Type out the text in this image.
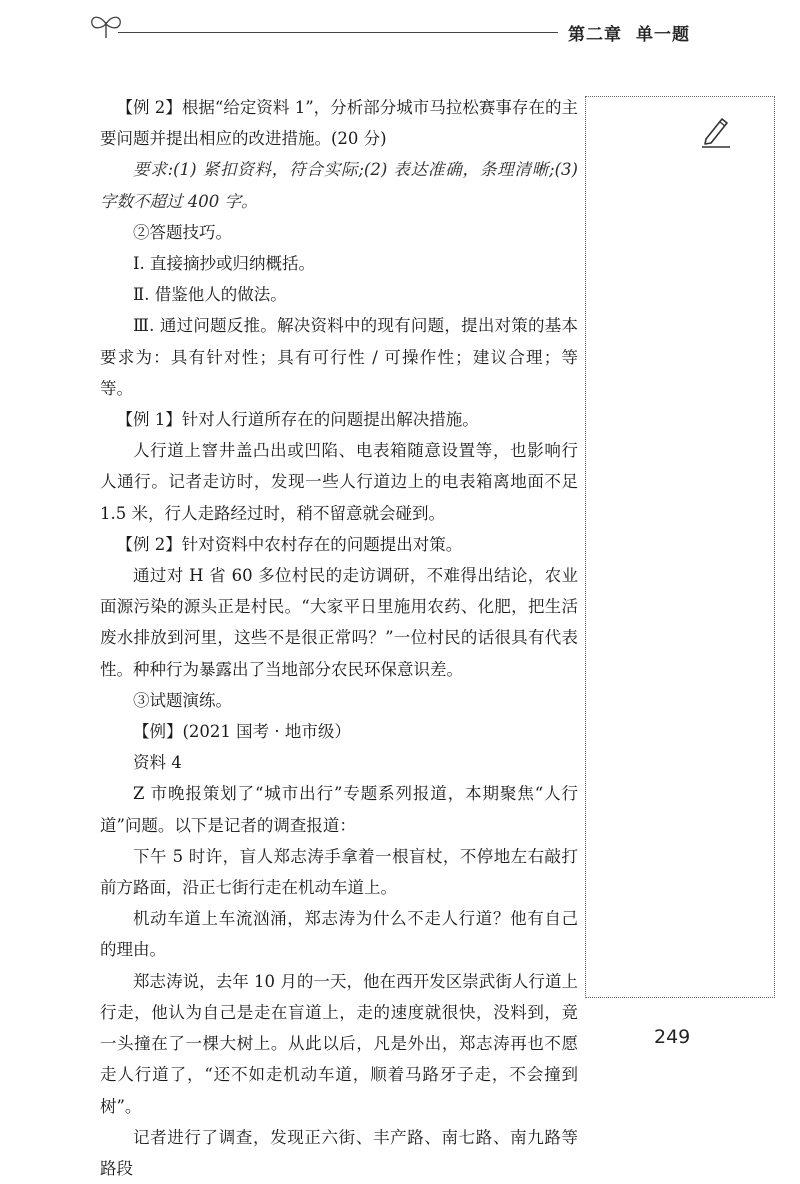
第二章 单一题

【例 2】根据“给定资料 1”，分析部分城市马拉松赛事存在的主要问题并提出相应的改进措施。(20 分)

要求:(1) 紧扣资料，符合实际;(2) 表达准确，条理清晰;(3) 字数不超过 400 字。

②答题技巧。

Ⅰ. 直接摘抄或归纳概括。

Ⅱ. 借鉴他人的做法。

Ⅲ. 通过问题反推。解决资料中的现有问题，提出对策的基本要求为：具有针对性；具有可行性 / 可操作性；建议合理；等等。

【例 1】针对人行道所存在的问题提出解决措施。

人行道上窨井盖凸出或凹陷、电表箱随意设置等，也影响行人通行。记者走访时，发现一些人行道边上的电表箱离地面不足 1.5 米，行人走路经过时，稍不留意就会碰到。

【例 2】针对资料中农村存在的问题提出对策。

通过对 H 省 60 多位村民的走访调研，不难得出结论，农业面源污染的源头正是村民。“大家平日里施用农药、化肥，把生活废水排放到河里，这些不是很正常吗？”一位村民的话很具有代表性。种种行为暴露出了当地部分农民环保意识差。

③试题演练。

【例】(2021 国考 · 地市级）

资料 4

Z 市晚报策划了“城市出行”专题系列报道，本期聚焦“人行道”问题。以下是记者的调查报道：

下午 5 时许，盲人郑志涛手拿着一根盲杖，不停地左右敲打前方路面，沿正七街行走在机动车道上。

机动车道上车流汹涌，郑志涛为什么不走人行道？他有自己的理由。

郑志涛说，去年 10 月的一天，他在西开发区崇武街人行道上行走，他认为自己是走在盲道上，走的速度就很快，没料到，竟一头撞在了一棵大树上。从此以后，凡是外出，郑志涛再也不愿走人行道了，“还不如走机动车道，顺着马路牙子走，不会撞到树”。

记者进行了调查，发现正六街、丰产路、南七路、南九路等路段

249
